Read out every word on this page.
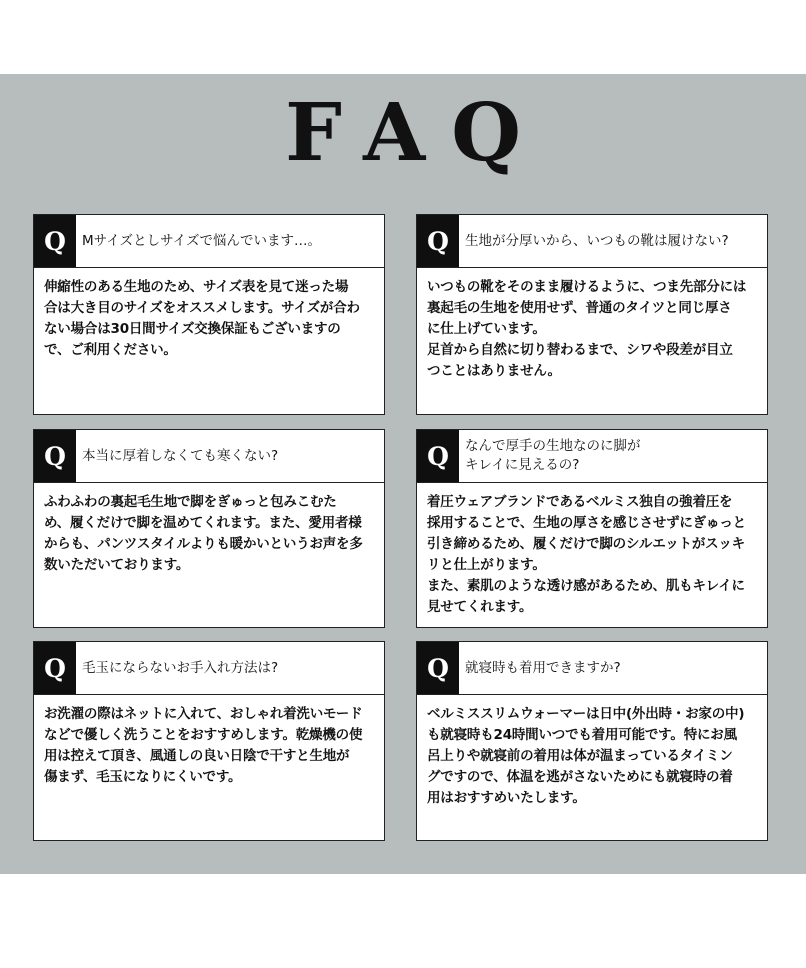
FAQ
Q	Mサイズとしサイズで悩んでいます…。
伸縮性のある生地のため、サイズ表を見て迷った場
合は大き目のサイズをオススメします。サイズが合わ
ない場合は30日間サイズ交換保証もございますの
で、ご利用ください。
Q	生地が分厚いから、いつもの靴は履けない?
いつもの靴をそのまま履けるように、つま先部分には
裏起毛の生地を使用せず、普通のタイツと同じ厚さ
に仕上げています。
足首から自然に切り替わるまで、シワや段差が目立
つことはありません。
Q	本当に厚着しなくても寒くない?
ふわふわの裏起毛生地で脚をぎゅっと包みこむた
め、履くだけで脚を温めてくれます。また、愛用者様
からも、パンツスタイルよりも暖かいというお声を多
数いただいております。
Q	なんで厚手の生地なのに脚が
キレイに見えるの?
着圧ウェアブランドであるベルミス独自の強着圧を
採用することで、生地の厚さを感じさせずにぎゅっと
引き締めるため、履くだけで脚のシルエットがスッキ
リと仕上がります。
また、素肌のような透け感があるため、肌もキレイに
見せてくれます。
Q	毛玉にならないお手入れ方法は?
お洗濯の際はネットに入れて、おしゃれ着洗いモード
などで優しく洗うことをおすすめします。乾燥機の使
用は控えて頂き、風通しの良い日陰で干すと生地が
傷まず、毛玉になりにくいです。
Q	就寝時も着用できますか?
ベルミススリムウォーマーは日中(外出時・お家の中)
も就寝時も24時間いつでも着用可能です。特にお風
呂上りや就寝前の着用は体が温まっているタイミン
グですので、体温を逃がさないためにも就寝時の着
用はおすすめいたします。
